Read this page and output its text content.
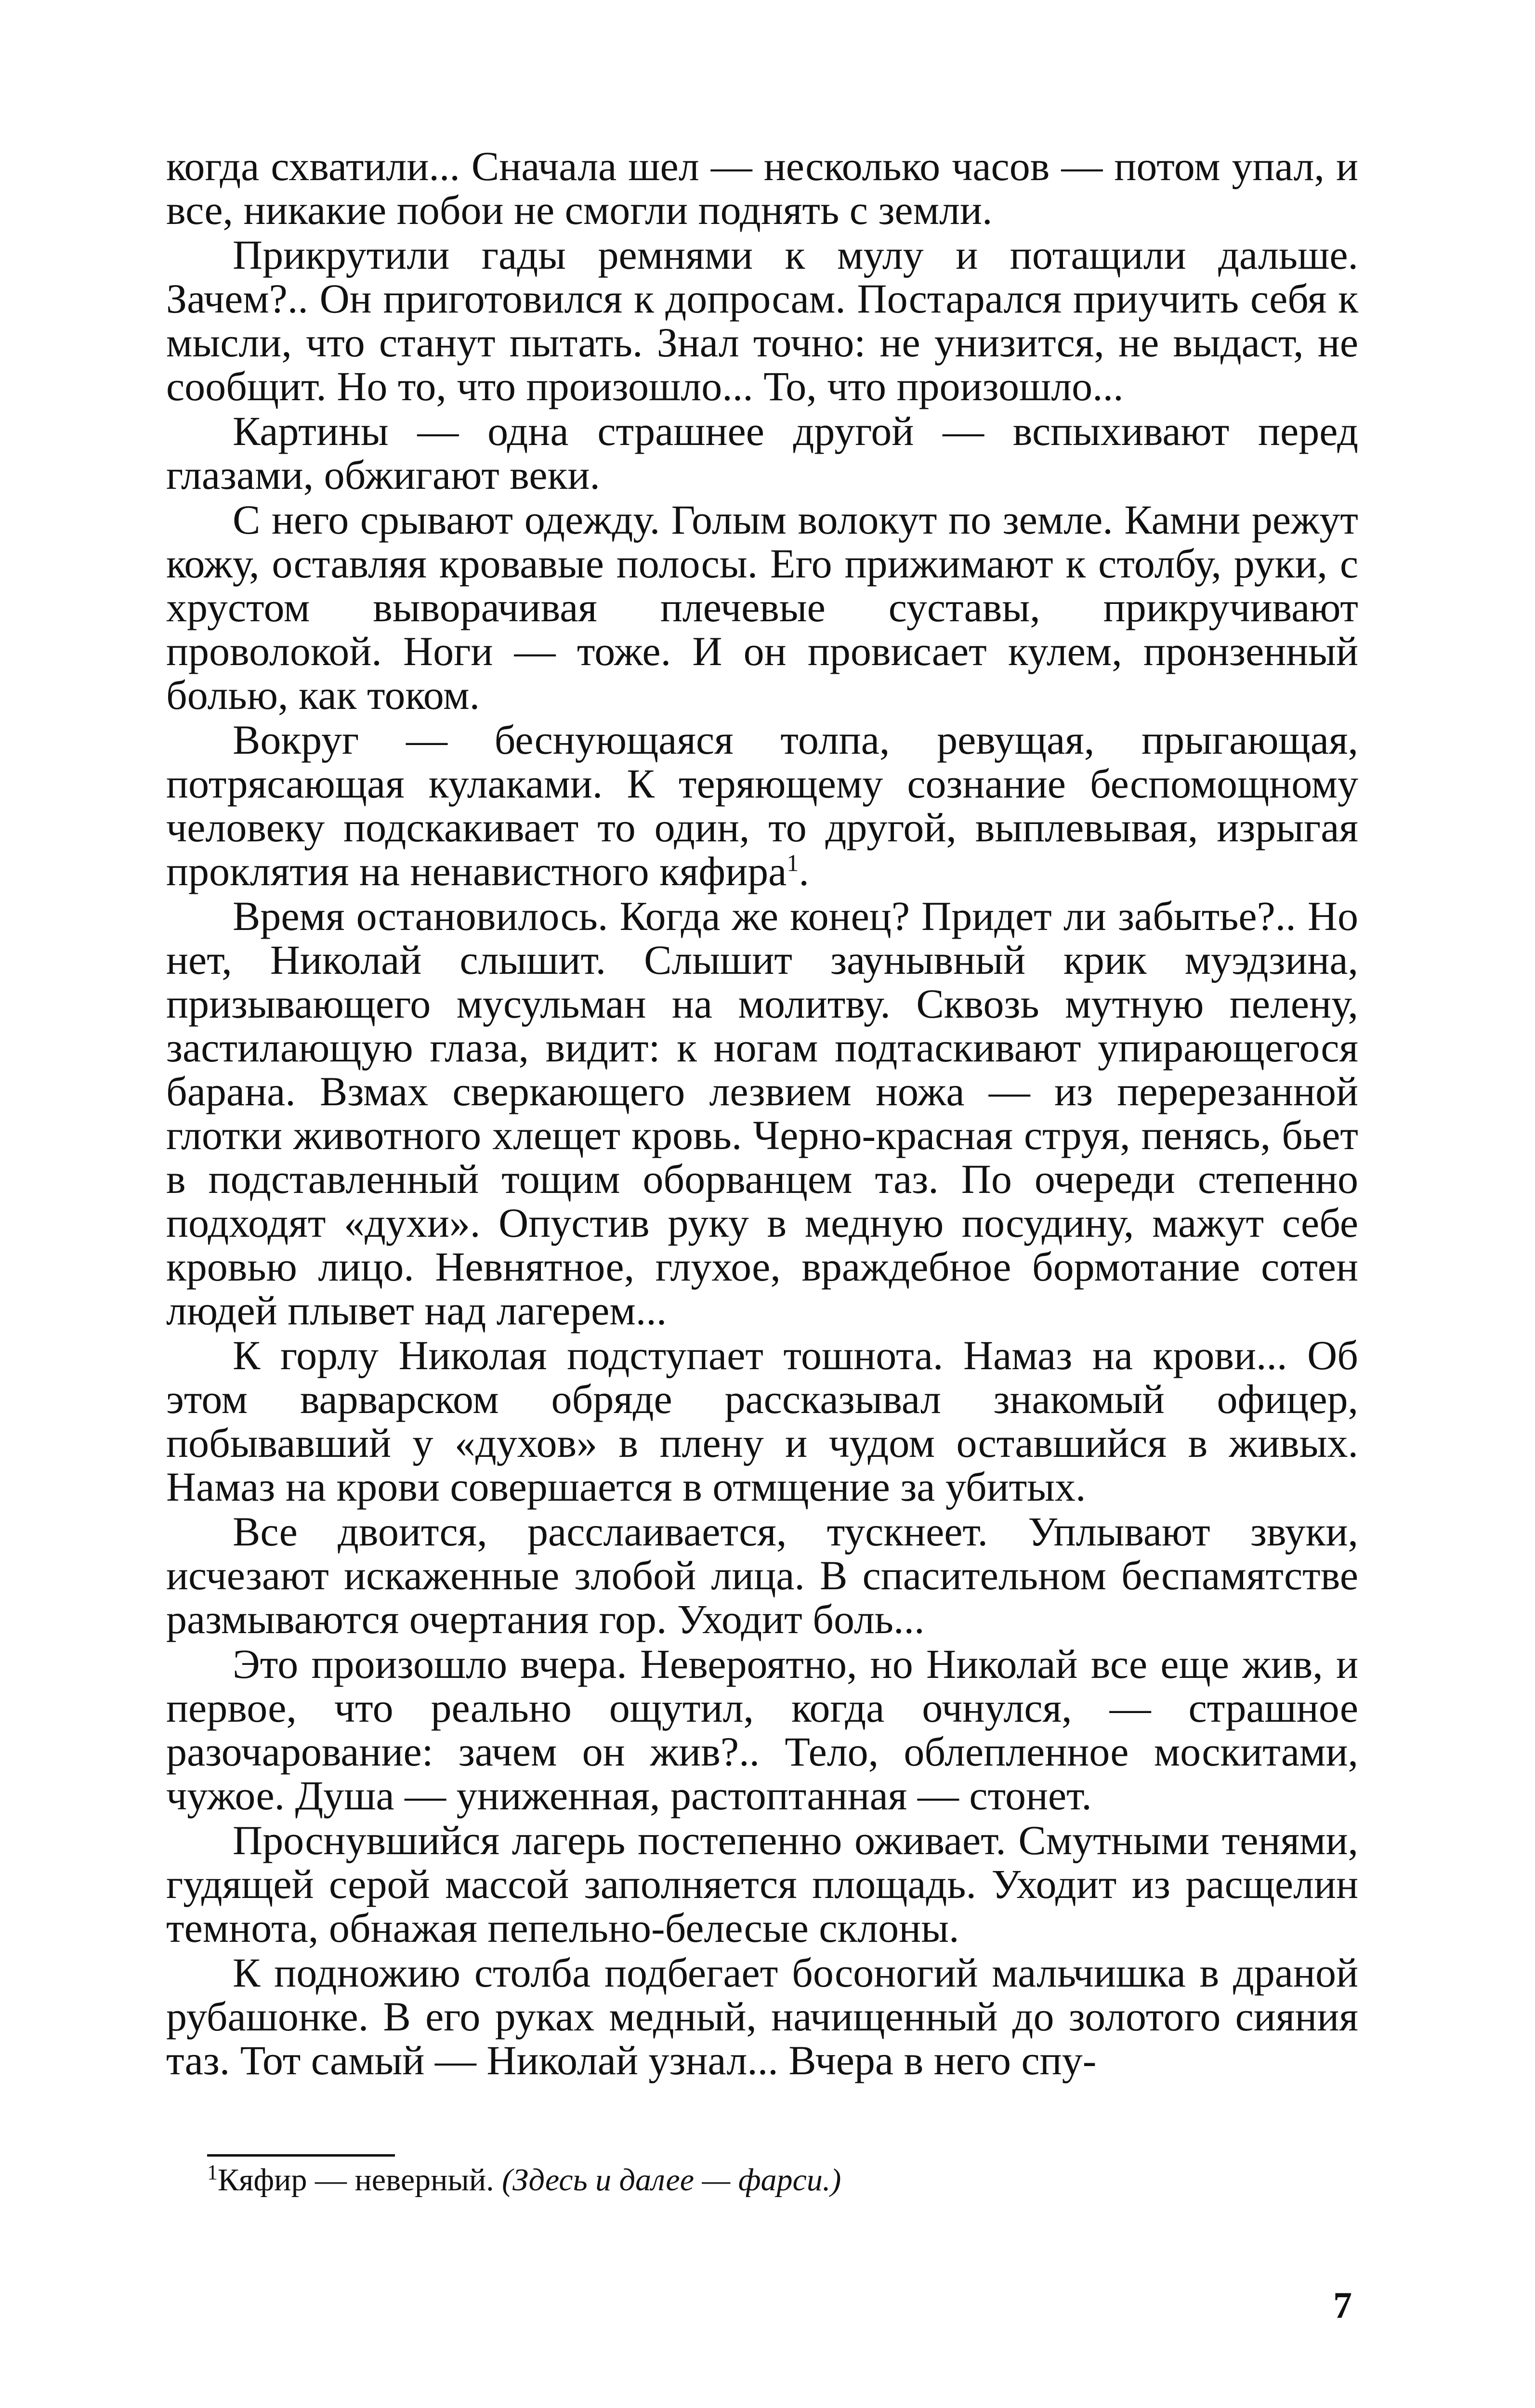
когда схватили... Сначала шел — несколько часов — потом упал, и все, никакие побои не смогли поднять с земли.

Прикрутили гады ремнями к мулу и потащили дальше. Зачем?.. Он приготовился к допросам. Постарался приучить себя к мысли, что станут пытать. Знал точно: не унизится, не выдаст, не сообщит. Но то, что произошло... То, что произошло...

Картины — одна страшнее другой — вспыхивают перед глазами, обжигают веки.

С него срывают одежду. Голым волокут по земле. Камни режут кожу, оставляя кровавые полосы. Его прижимают к столбу, руки, с хрустом выворачивая плечевые суставы, прикручивают проволокой. Ноги — тоже. И он провисает кулем, пронзенный болью, как током.

Вокруг — беснующаяся толпа, ревущая, прыгающая, потрясающая кулаками. К теряющему сознание беспомощному человеку подскакивает то один, то другой, выплевывая, изрыгая проклятия на ненавистного кяфира$^1$.

Время остановилось. Когда же конец? Придет ли забытье?.. Но нет, Николай слышит. Слышит заунывный крик муэдзина, призывающего мусульман на молитву. Сквозь мутную пелену, застилающую глаза, видит: к ногам подтаскивают упирающегося барана. Взмах сверкающего лезвием ножа — из перерезанной глотки животного хлещет кровь. Черно-красная струя, пенясь, бьет в подставленный тощим оборванцем таз. По очереди степенно подходят «духи». Опустив руку в медную посудину, мажут себе кровью лицо. Невнятное, глухое, враждебное бормотание сотен людей плывет над лагерем...

К горлу Николая подступает тошнота. Намаз на крови... Об этом варварском обряде рассказывал знакомый офицер, побывавший у «духов» в плену и чудом оставшийся в живых. Намаз на крови совершается в отмщение за убитых.

Все двоится, расслаивается, тускнеет. Уплывают звуки, исчезают искаженные злобой лица. В спасительном беспамятстве размываются очертания гор. Уходит боль...

Это произошло вчера. Невероятно, но Николай все еще жив, и первое, что реально ощутил, когда очнулся, — страшное разочарование: зачем он жив?.. Тело, облепленное москитами, чужое. Душа — униженная, растоптанная — стонет.

Проснувшийся лагерь постепенно оживает. Смутными тенями, гудящей серой массой заполняется площадь. Уходит из расщелин темнота, обнажая пепельно-белесые склоны.

К подножию столба подбегает босоногий мальчишка в драной рубашонке. В его руках медный, начищенный до золотого сияния таз. Тот самый — Николай узнал... Вчера в него спу-

$^1$Кяфир — неверный. (Здесь и далее — фарси.)
7
